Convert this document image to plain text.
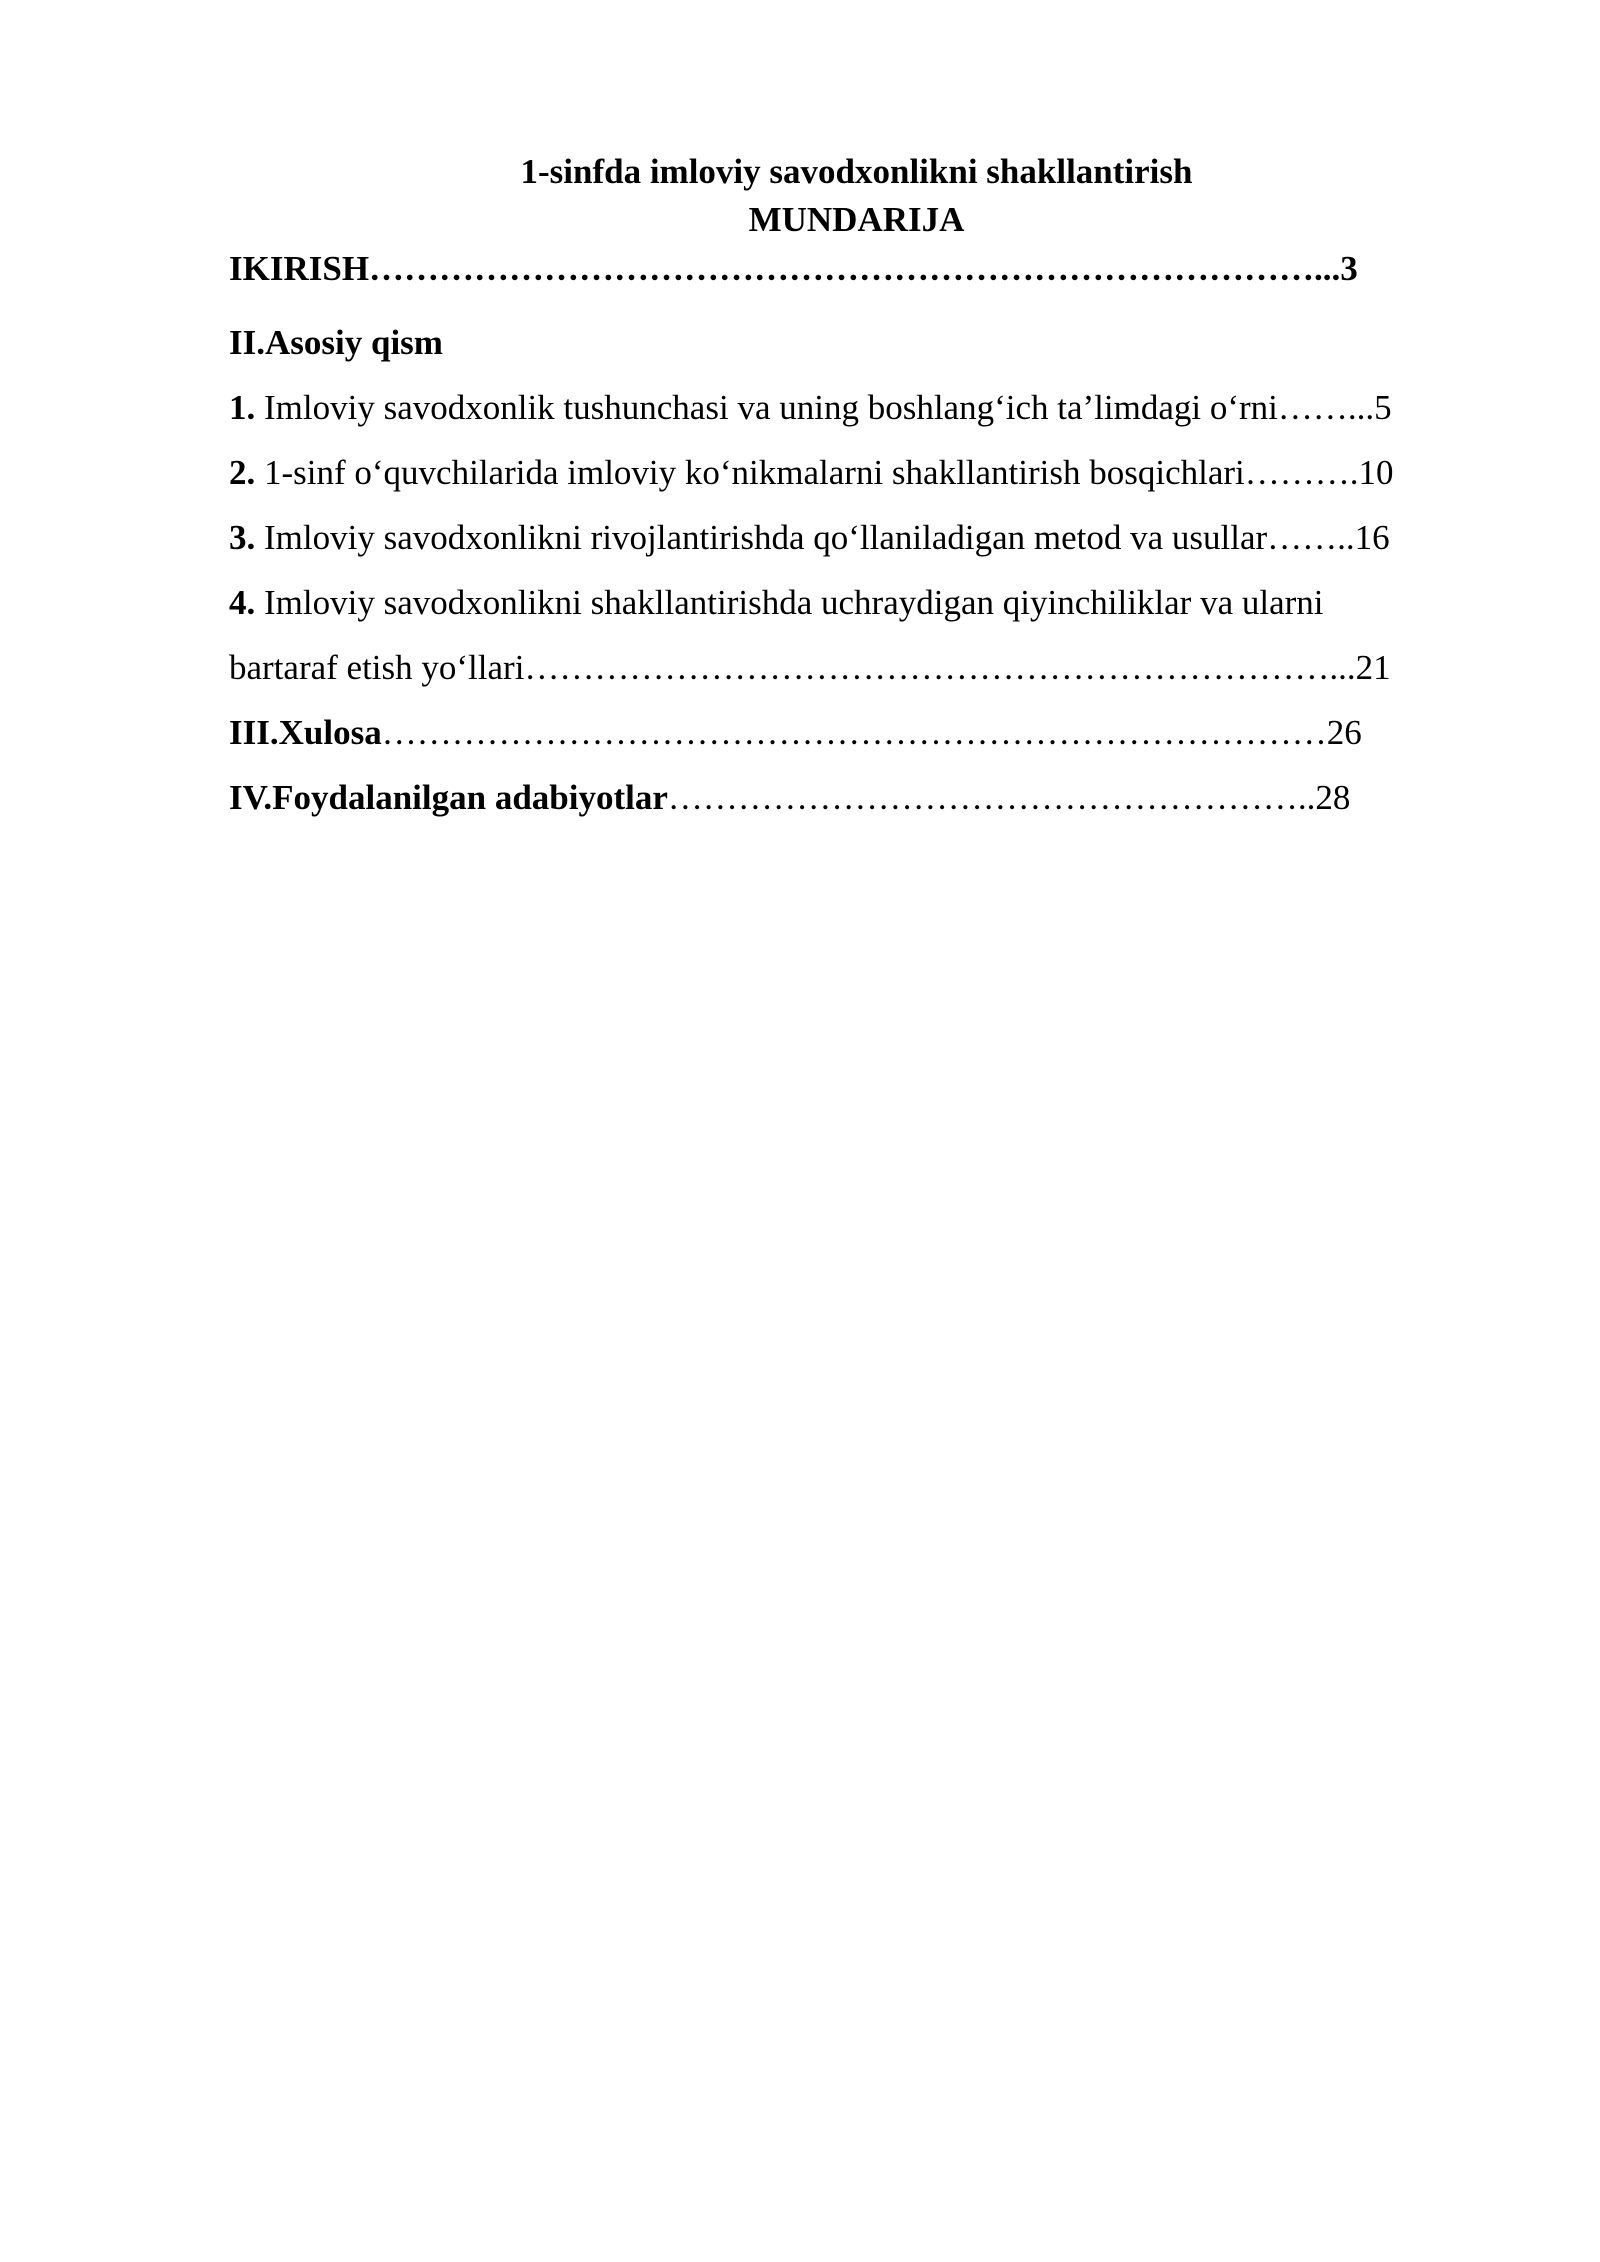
1-sinfda imloviy savodxonlikni shakllantirish

MUNDARIJA

IKIRISH………………………………………………………………………...3

II.Asosiy qism

1. Imloviy savodxonlik tushunchasi va uning boshlang‘ich ta’limdagi o‘rni……...5

2. 1-sinf o‘quvchilarida imloviy ko‘nikmalarni shakllantirish bosqichlari……….10

3. Imloviy savodxonlikni rivojlantirishda qo‘llaniladigan metod va usullar……..16

4. Imloviy savodxonlikni shakllantirishda uchraydigan qiyinchiliklar va ularni

bartaraf etish yo‘llari……………………………………………………………...21

III.Xulosa………………………………………………………………………26

IV.Foydalanilgan adabiyotlar………………………………………………..28
